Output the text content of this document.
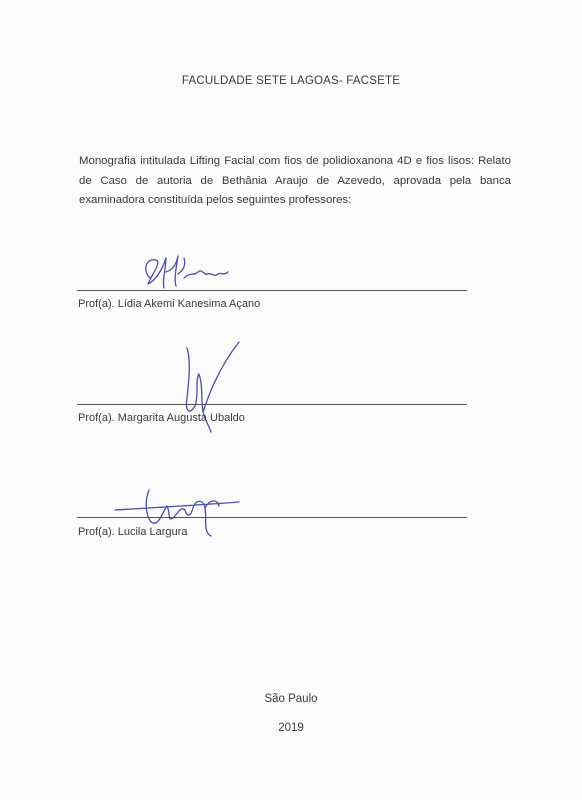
FACULDADE SETE LAGOAS- FACSETE
Monografia intitulada Lifting Facial com fios de polidioxanona 4D e fios lisos: Relato de Caso de autoria de Bethânia Araujo de Azevedo, aprovada pela banca examinadora constituída pelos seguintes professores:
Prof(a). Lídia Akemi Kanesima Açano
Prof(a). Margarita Augusta Ubaldo
Prof(a). Lucila Largura
São Paulo
2019
